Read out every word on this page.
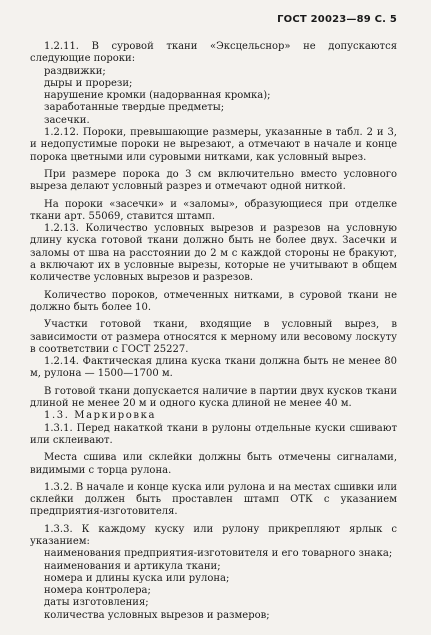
ГОСТ 20023—89 С. 5

1.2.11. В суровой ткани «Эксцельснор» не допускаются следующие пороки:

раздвижки;

дыры и прорези;

нарушение кромки (надорванная кромка);

заработанные твердые предметы;

засечки.

1.2.12. Пороки, превышающие размеры, указанные в табл. 2 и 3, и недопустимые пороки не вырезают, а отмечают в начале и конце порока цветными или суровыми нитками, как условный вырез.

При размере порока до 3 см включительно вместо условного выреза делают условный разрез и отмечают одной ниткой.

На пороки «засечки» и «заломы», образующиеся при отделке ткани арт. 55069, ставится штамп.

1.2.13. Количество условных вырезов и разрезов на условную длину куска готовой ткани должно быть не более двух. Засечки и заломы от шва на расстоянии до 2 м с каждой стороны не бракуют, а включают их в условные вырезы, которые не учитывают в общем количестве условных вырезов и разрезов.

Количество пороков, отмеченных нитками, в суровой ткани не должно быть более 10.

Участки готовой ткани, входящие в условный вырез, в зависимости от размера относятся к мерному или весовому лоскуту в соответствии с ГОСТ 25227.

1.2.14. Фактическая длина куска ткани должна быть не менее 80 м, рулона — 1500—1700 м.

В готовой ткани допускается наличие в партии двух кусков ткани длиной не менее 20 м и одного куска длиной не менее 40 м.

1.3. Маркировка

1.3.1. Перед накаткой ткани в рулоны отдельные куски сшивают или склеивают.

Места сшива или склейки должны быть отмечены сигналами, видимыми с торца рулона.

1.3.2. В начале и конце куска или рулона и на местах сшивки или склейки должен быть проставлен штамп ОТК с указанием предприятия-изготовителя.

1.3.3. К каждому куску или рулону прикрепляют ярлык с указанием:

наименования предприятия-изготовителя и его товарного знака;

наименования и артикула ткани;

номера и длины куска или рулона;

номера контролера;

даты изготовления;

количества условных вырезов и размеров;
